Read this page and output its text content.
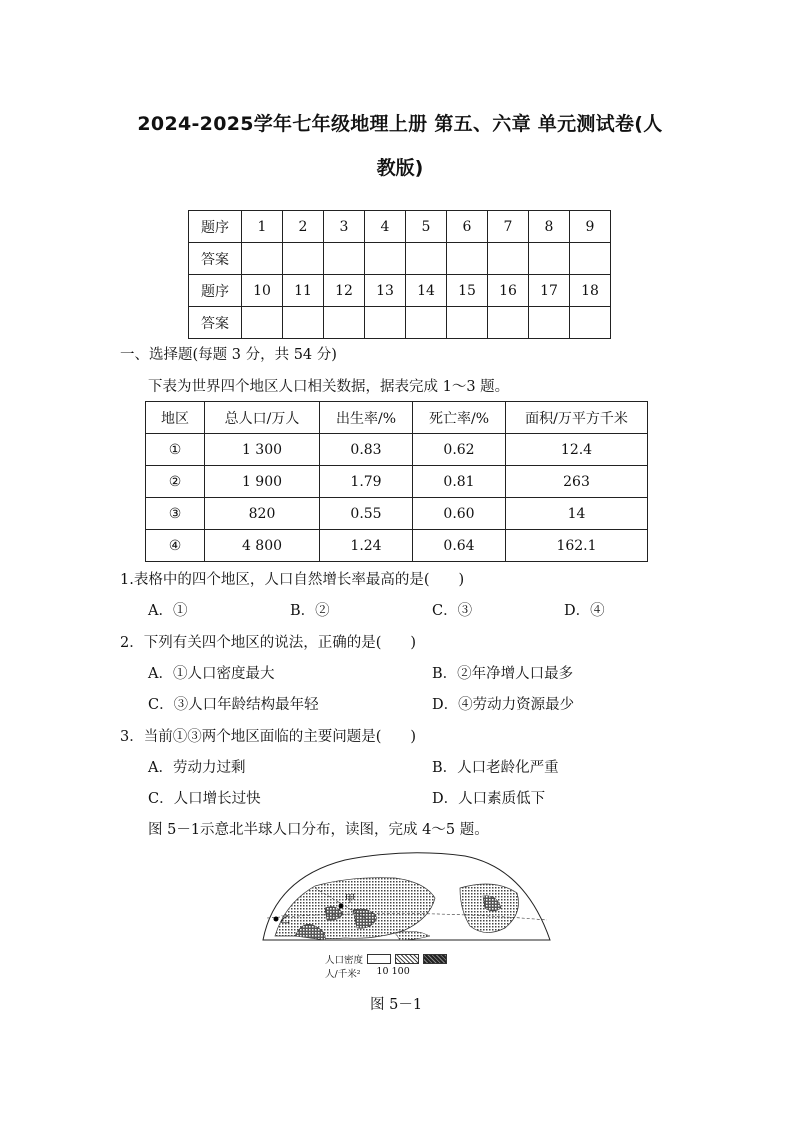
2024-2025学年七年级地理上册 第五、六章 单元测试卷(人
教版)
题序	1	2	3	4	5	6	7	8	9
答案									
题序	10	11	12	13	14	15	16	17	18
答案									
一、选择题(每题 3 分，共 54 分)
下表为世界四个地区人口相关数据，据表完成 1～3 题。
地区	总人口/万人	出生率/%	死亡率/%	面积/万平方千米
①	1 300	0.83	0.62	12.4
②	1 900	1.79	0.81	263
③	820	0.55	0.60	14
④	4 800	1.24	0.64	162.1
1.表格中的四个地区，人口自然增长率最高的是(　　)
A．①	B．②	C．③	D．④
2．下列有关四个地区的说法，正确的是(　　)
A．①人口密度最大	B．②年净增人口最多
C．③人口年龄结构最年轻	D．④劳动力资源最少
3．当前①③两个地区面临的主要问题是(　　)
A．劳动力过剩	B．人口老龄化严重
C．人口增长过快	D．人口素质低下
图 5－1示意北半球人口分布，读图，完成 4～5 题。
甲
乙
人口密度
人/千米² 10 100
图 5－1
